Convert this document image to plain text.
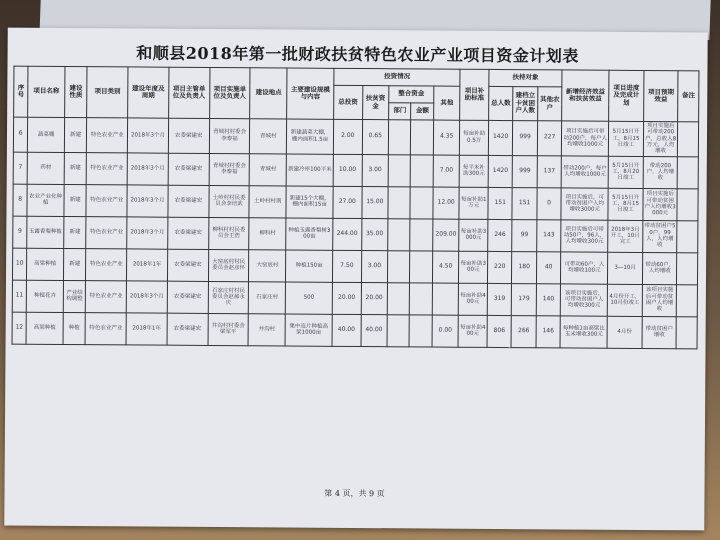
和顺县2018年第一批财政扶贫特色农业产业项目资金计划表
序号	项目名称	建设性质	项目类别	建设年度及周期	项目主管单位及负责人	项目实施单位及负责人	建设地点	主要建设规模与内容	投资情况					项目补助标准	扶持对象			新增经济效益和扶贫效益	项目进度及完成计划	项目预期效益	备注
									总投资	扶贫资金	整合资金		其他		总人数	建档立卡贫困户人数	其他农户				
											部门	金额									
6	蔬菜棚	新建	特色农业产业	2018年3个月	农委梁建宏	青城村村委会李泰福	青城村	新建蔬菜大棚，棚内面积1.5亩	2.00	0.65			4.35	每亩补助0.5万	1420	999	227	项目实施后可带动200户，每户人均增收1000元	5月15日开工，8月15日竣工	项目实施后可带动200户，总收入8万元，人均增收	
7	药材	新建	特色农业产业	2018年3个月	农委梁建宏	青城村村委会李泰福	青城村	新建冷库100平米	10.00	3.00			7.00	每平米补助300元	1420	999	137	带动200户，每户人均增收1000元	5月15日开工，8月20日竣工	带动200户，人均增收	
8	农业产业化种植	新建	特色农业产业	2018年3个月	农委梁建宏	土岭村村民委员会李培武	土岭村村南	新建15个大棚，棚内面积15亩	27.00	15.00			12.00	每亩补助1万元	151	151	0	项目实施后，可带动贫困户人均增收3000元	5月15日开工，8月15日竣工	项目实施后可带动贫困户人均增收3000元	
9	玉露香梨种植	新建	特色农业产业	2018年3个月	农委梁建宏	柳科村村民委员会王浩	柳科村	种植玉露香梨树300亩	244.00	35.00			209.00	每亩补助3000元	246	99	143	项目实施后可带动50户，96人，人均增收300元	2018年3月开工，10月完工	带动贫困户50户，99人，人均增收	
10	高粱种植	新建	特色农业产业	2018年1年	农委梁建宏	大窑底村村民委员会赵彦怀	大窑底村	种植150亩	7.50	3.00			4.50	每亩补助300元	220	180	40	可带动60户，人均增收100元	3—10月	带动60户，人均增收	
11	种植花卉	产业结构调整	特色农业产业	2018年3个月	农委梁建宏	石家庄村村民委员会赵郝永庆	石家庄村	500	20.00	20.00				每亩补助400元	319	179	140	该项目实施后，可带动贫困户人均增收300元	4月份开工，10月份竣工	该项目实施后可带动贫困户人均增收	
12	高粱种植	种植	特色农业产业	2018年1年	农委梁建宏	井沟村村委会梁军平	井沟村	集中连片种植高粱1000亩	40.00	40.00			0.00	每亩补助400元	806	266	146	每种植1亩高粱比玉米增收300元	4月份	带动贫困户增收	
第 4 页，共 9 页
